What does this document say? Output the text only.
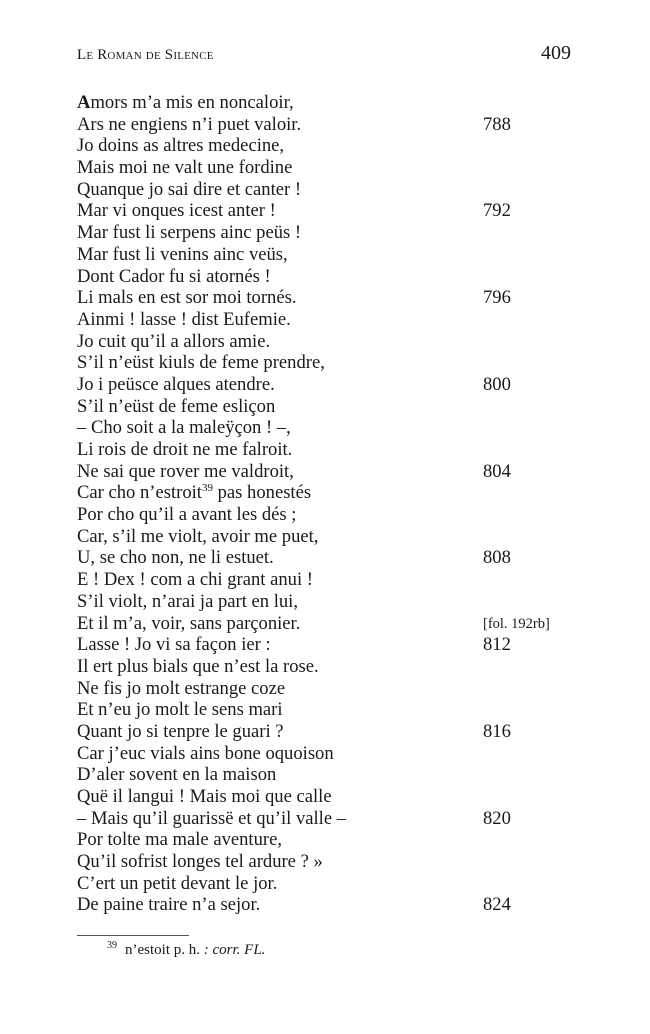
Le Roman de Silence	409
Amors m’a mis en noncaloir,
Ars ne engiens n’i puet valoir.	788
Jo doins as altres medecine,
Mais moi ne valt une fordine
Quanque jo sai dire et canter !
Mar vi onques icest anter !	792
Mar fust li serpens ainc peüs !
Mar fust li venins ainc veüs,
Dont Cador fu si atornés !
Li mals en est sor moi tornés.	796
Ainmi ! lasse ! dist Eufemie.
Jo cuit qu’il a allors amie.
S’il n’eüst kiuls de feme prendre,
Jo i peüsce alques atendre.	800
S’il n’eüst de feme esliçon
– Cho soit a la maleÿçon ! –,
Li rois de droit ne me falroit.
Ne sai que rover me valdroit,	804
Car cho n’estroit$^{39}$ pas honestés
Por cho qu’il a avant les dés ;
Car, s’il me violt, avoir me puet,
U, se cho non, ne li estuet.	808
E ! Dex ! com a chi grant anui !
S’il violt, n’arai ja part en lui,
Et il m’a, voir, sans parçonier.	[fol. 192rb]
Lasse ! Jo vi sa façon ier :	812
Il ert plus bials que n’est la rose.
Ne fis jo molt estrange coze
Et n’eu jo molt le sens mari
Quant jo si tenpre le guari ?	816
Car j’euc vials ains bone oquoison
D’aler sovent en la maison
Quë il langui ! Mais moi que calle
– Mais qu’il guarissë et qu’il valle –	820
Por tolte ma male aventure,
Qu’il sofrist longes tel ardure ? »
C’ert un petit devant le jor.
De paine traire n’a sejor.	824
$^{39}$ n’estoit p. h. : corr. FL.
